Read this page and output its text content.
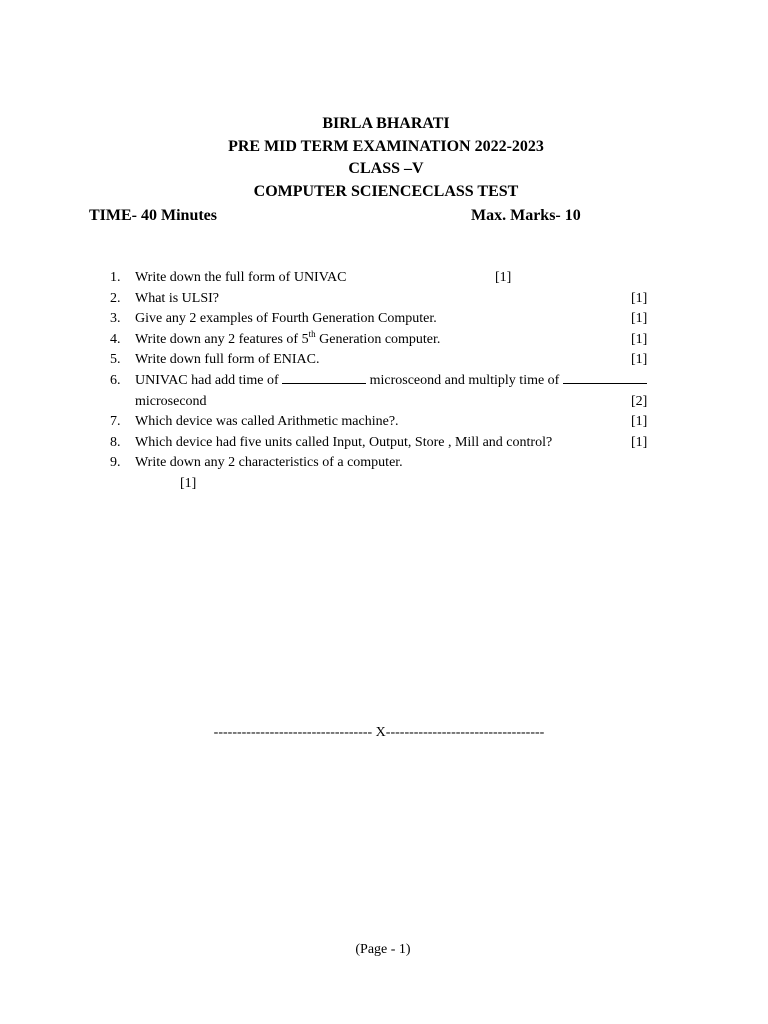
BIRLA BHARATI
PRE MID TERM EXAMINATION 2022-2023
CLASS –V
COMPUTER SCIENCECLASS TEST
TIME- 40 Minutes	Max. Marks- 10
1. Write down the full form of UNIVAC	[1]
2. What is ULSI?	[1]
3. Give any 2 examples of Fourth Generation Computer.	[1]
4. Write down any 2 features of 5th Generation computer.	[1]
5. Write down full form of ENIAC.	[1]
6. UNIVAC had add time of	microsceond and multiply time of
microsecond	[2]
7. Which device was called Arithmetic machine?.	[1]
8. Which device had five units called Input, Output, Store , Mill and control?	[1]
9. Write down any 2 characteristics of a computer.
[1]
---------------------------------- X----------------------------------
(Page - 1)
